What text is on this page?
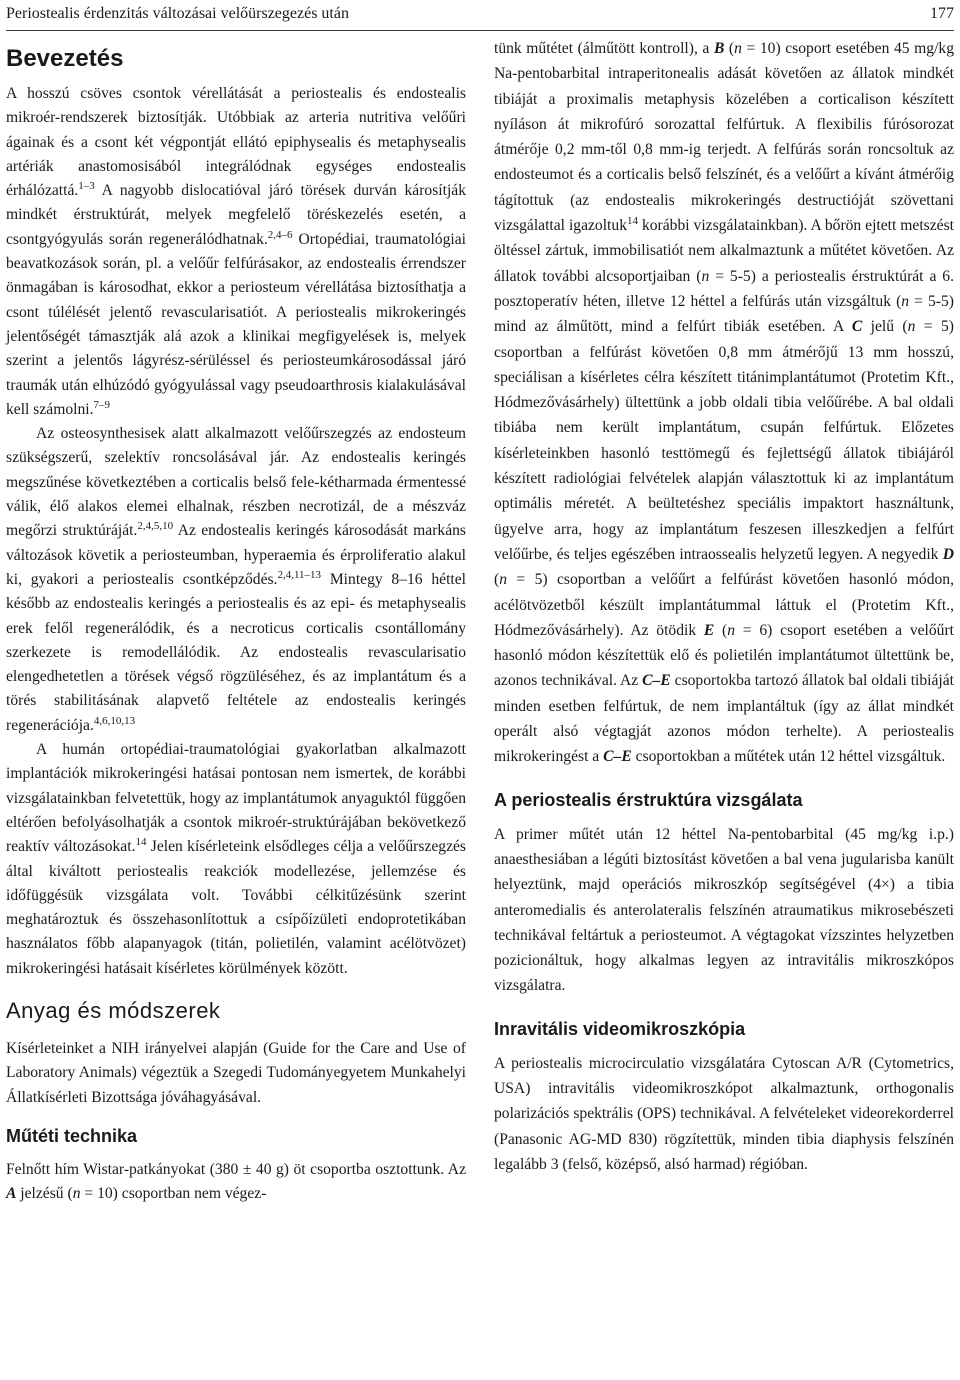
Periostealis érdenzitás változásai velőürszegezés után	177
Bevezetés

A hosszú csöves csontok vérellátását a periostealis és endostealis mikroér-rendszerek biztosítják. Utóbbiak az arteria nutritiva velőűri ágainak és a csont két végpontját ellátó epiphysealis és metaphysealis artériák anastomosisából integrálódnak egységes endostealis érhálózattá.$^{1-3}$ A nagyobb dislocatióval járó törések durván károsítják mindkét érstruktúrát, melyek megfelelő töréskezelés esetén, a csontgyógyulás során regenerálódhatnak.$^{2,4-6}$ Ortopédiai, traumatológiai beavatkozások során, pl. a velőűr felfúrásakor, az endostealis érrendszer önmagában is károsodhat, ekkor a periosteum vérellátása biztosíthatja a csont túlélését jelentő revascularisatiót. A periostealis mikrokeringés jelentőségét támasztják alá azok a klinikai megfigyelések is, melyek szerint a jelentős lágyrész-sérüléssel és periosteumkárosodással járó traumák után elhúzódó gyógyulással vagy pseudoarthrosis kialakulásával kell számolni.$^{7-9}$

Az osteosynthesisek alatt alkalmazott velőűrszegzés az endosteum szükségszerű, szelektív roncsolásával jár. Az endostealis keringés megszűnése következtében a corticalis belső fele-kétharmada érmentessé válik, élő alakos elemei elhalnak, részben necrotizál, de a mészváz megőrzi struktúráját.$^{2,4,5,10}$ Az endostealis keringés károsodását markáns változások követik a periosteumban, hyperaemia és érproliferatio alakul ki, gyakori a periostealis csontképződés.$^{2,4,11-13}$ Mintegy 8–16 héttel később az endostealis keringés a periostealis és az epi- és metaphysealis erek felől regenerálódik, és a necroticus corticalis csontállomány szerkezete is remodellálódik. Az endostealis revascularisatio elengedhetetlen a törések végső rögzüléséhez, és az implantátum és a törés stabilitásának alapvető feltétele az endostealis keringés regenerációja.$^{4,6,10,13}$

A humán ortopédiai-traumatológiai gyakorlatban alkalmazott implantációk mikrokeringési hatásai pontosan nem ismertek, de korábbi vizsgálatainkban felvetettük, hogy az implantátumok anyaguktól függően eltérően befolyásolhatják a csontok mikroér-struktúrájában bekövetkező reaktív változásokat.$^{14}$ Jelen kísérleteink elsődleges célja a velőűrszegzés által kiváltott periostealis reakciók modellezése, jellemzése és időfüggésük vizsgálata volt. További célkitűzésünk szerint meghatároztuk és összehasonlítottuk a csípőízületi endoprotetikában használatos főbb alapanyagok (titán, polietilén, valamint acélötvözet) mikrokeringési hatásait kísérletes körülmények között.

Anyag és módszerek

Kísérleteinket a NIH irányelvei alapján (Guide for the Care and Use of Laboratory Animals) végeztük a Szegedi Tudományegyetem Munkahelyi Állatkísérleti Bizottsága jóváhagyásával.

Műtéti technika

Felnőtt hím Wistar-patkányokat (380 ± 40 g) öt csoportba osztottunk. Az A jelzésű (n = 10) csoportban nem végez-

tünk műtétet (álműtött kontroll), a B (n = 10) csoport esetében 45 mg/kg Na-pentobarbital intraperitonealis adását követően az állatok mindkét tibiáját a proximalis metaphysis közelében a corticalison készített nyíláson át mikrofúró sorozattal felfúrtuk. A flexibilis fúrósorozat átmérője 0,2 mm-től 0,8 mm-ig terjedt. A felfúrás során roncsoltuk az endosteumot és a corticalis belső felszínét, és a velőűrt a kívánt átmérőig tágítottuk (az endostealis mikrokeringés destructióját szövettani vizsgálattal igazoltuk$^{14}$ korábbi vizsgálatainkban). A bőrön ejtett metszést öltéssel zártuk, immobilisatiót nem alkalmaztunk a műtétet követően. Az állatok további alcsoportjaiban (n = 5-5) a periostealis érstruktúrát a 6. posztoperatív héten, illetve 12 héttel a felfúrás után vizsgáltuk (n = 5-5) mind az álműtött, mind a felfúrt tibiák esetében. A C jelű (n = 5) csoportban a felfúrást követően 0,8 mm átmérőjű 13 mm hosszú, speciálisan a kísérletes célra készített titánimplantátumot (Protetim Kft., Hódmezővásárhely) ültettünk a jobb oldali tibia velőűrébe. A bal oldali tibiába nem került implantátum, csupán felfúrtuk. Előzetes kísérleteinkben hasonló testtömegű és fejlettségű állatok tibiájáról készített radiológiai felvételek alapján választottuk ki az implantátum optimális méretét. A beültetéshez speciális impaktort használtunk, ügyelve arra, hogy az implantátum feszesen illeszkedjen a felfúrt velőűrbe, és teljes egészében intraossealis helyzetű legyen. A negyedik D (n = 5) csoportban a velőűrt a felfúrást követően hasonló módon, acélötvözetből készült implantátummal láttuk el (Protetim Kft., Hódmezővásárhely). Az ötödik E (n = 6) csoport esetében a velőűrt hasonló módon készítettük elő és polietilén implantátumot ültettünk be, azonos technikával. Az C–E csoportokba tartozó állatok bal oldali tibiáját minden esetben felfúrtuk, de nem implantáltuk (így az állat mindkét operált alsó végtagját azonos módon terhelte). A periostealis mikrokeringést a C–E csoportokban a műtétek után 12 héttel vizsgáltuk.

A periostealis érstruktúra vizsgálata

A primer műtét után 12 héttel Na-pentobarbital (45 mg/kg i.p.) anaesthesiában a légúti biztosítást követően a bal vena jugularisba kanült helyeztünk, majd operációs mikroszkóp segítségével (4×) a tibia anteromedialis és anterolateralis felszínén atraumatikus mikrosebészeti technikával feltártuk a periosteumot. A végtagokat vízszintes helyzetben pozicionáltuk, hogy alkalmas legyen az intravitális mikroszkópos vizsgálatra.

Inravitális videomikroszkópia

A periostealis microcirculatio vizsgálatára Cytoscan A/R (Cytometrics, USA) intravitális videomikroszkópot alkalmaztunk, orthogonalis polarizációs spektrális (OPS) technikával. A felvételeket videorekorderrel (Panasonic AG-MD 830) rögzítettük, minden tibia diaphysis felszínén legalább 3 (felső, középső, alsó harmad) régióban.
